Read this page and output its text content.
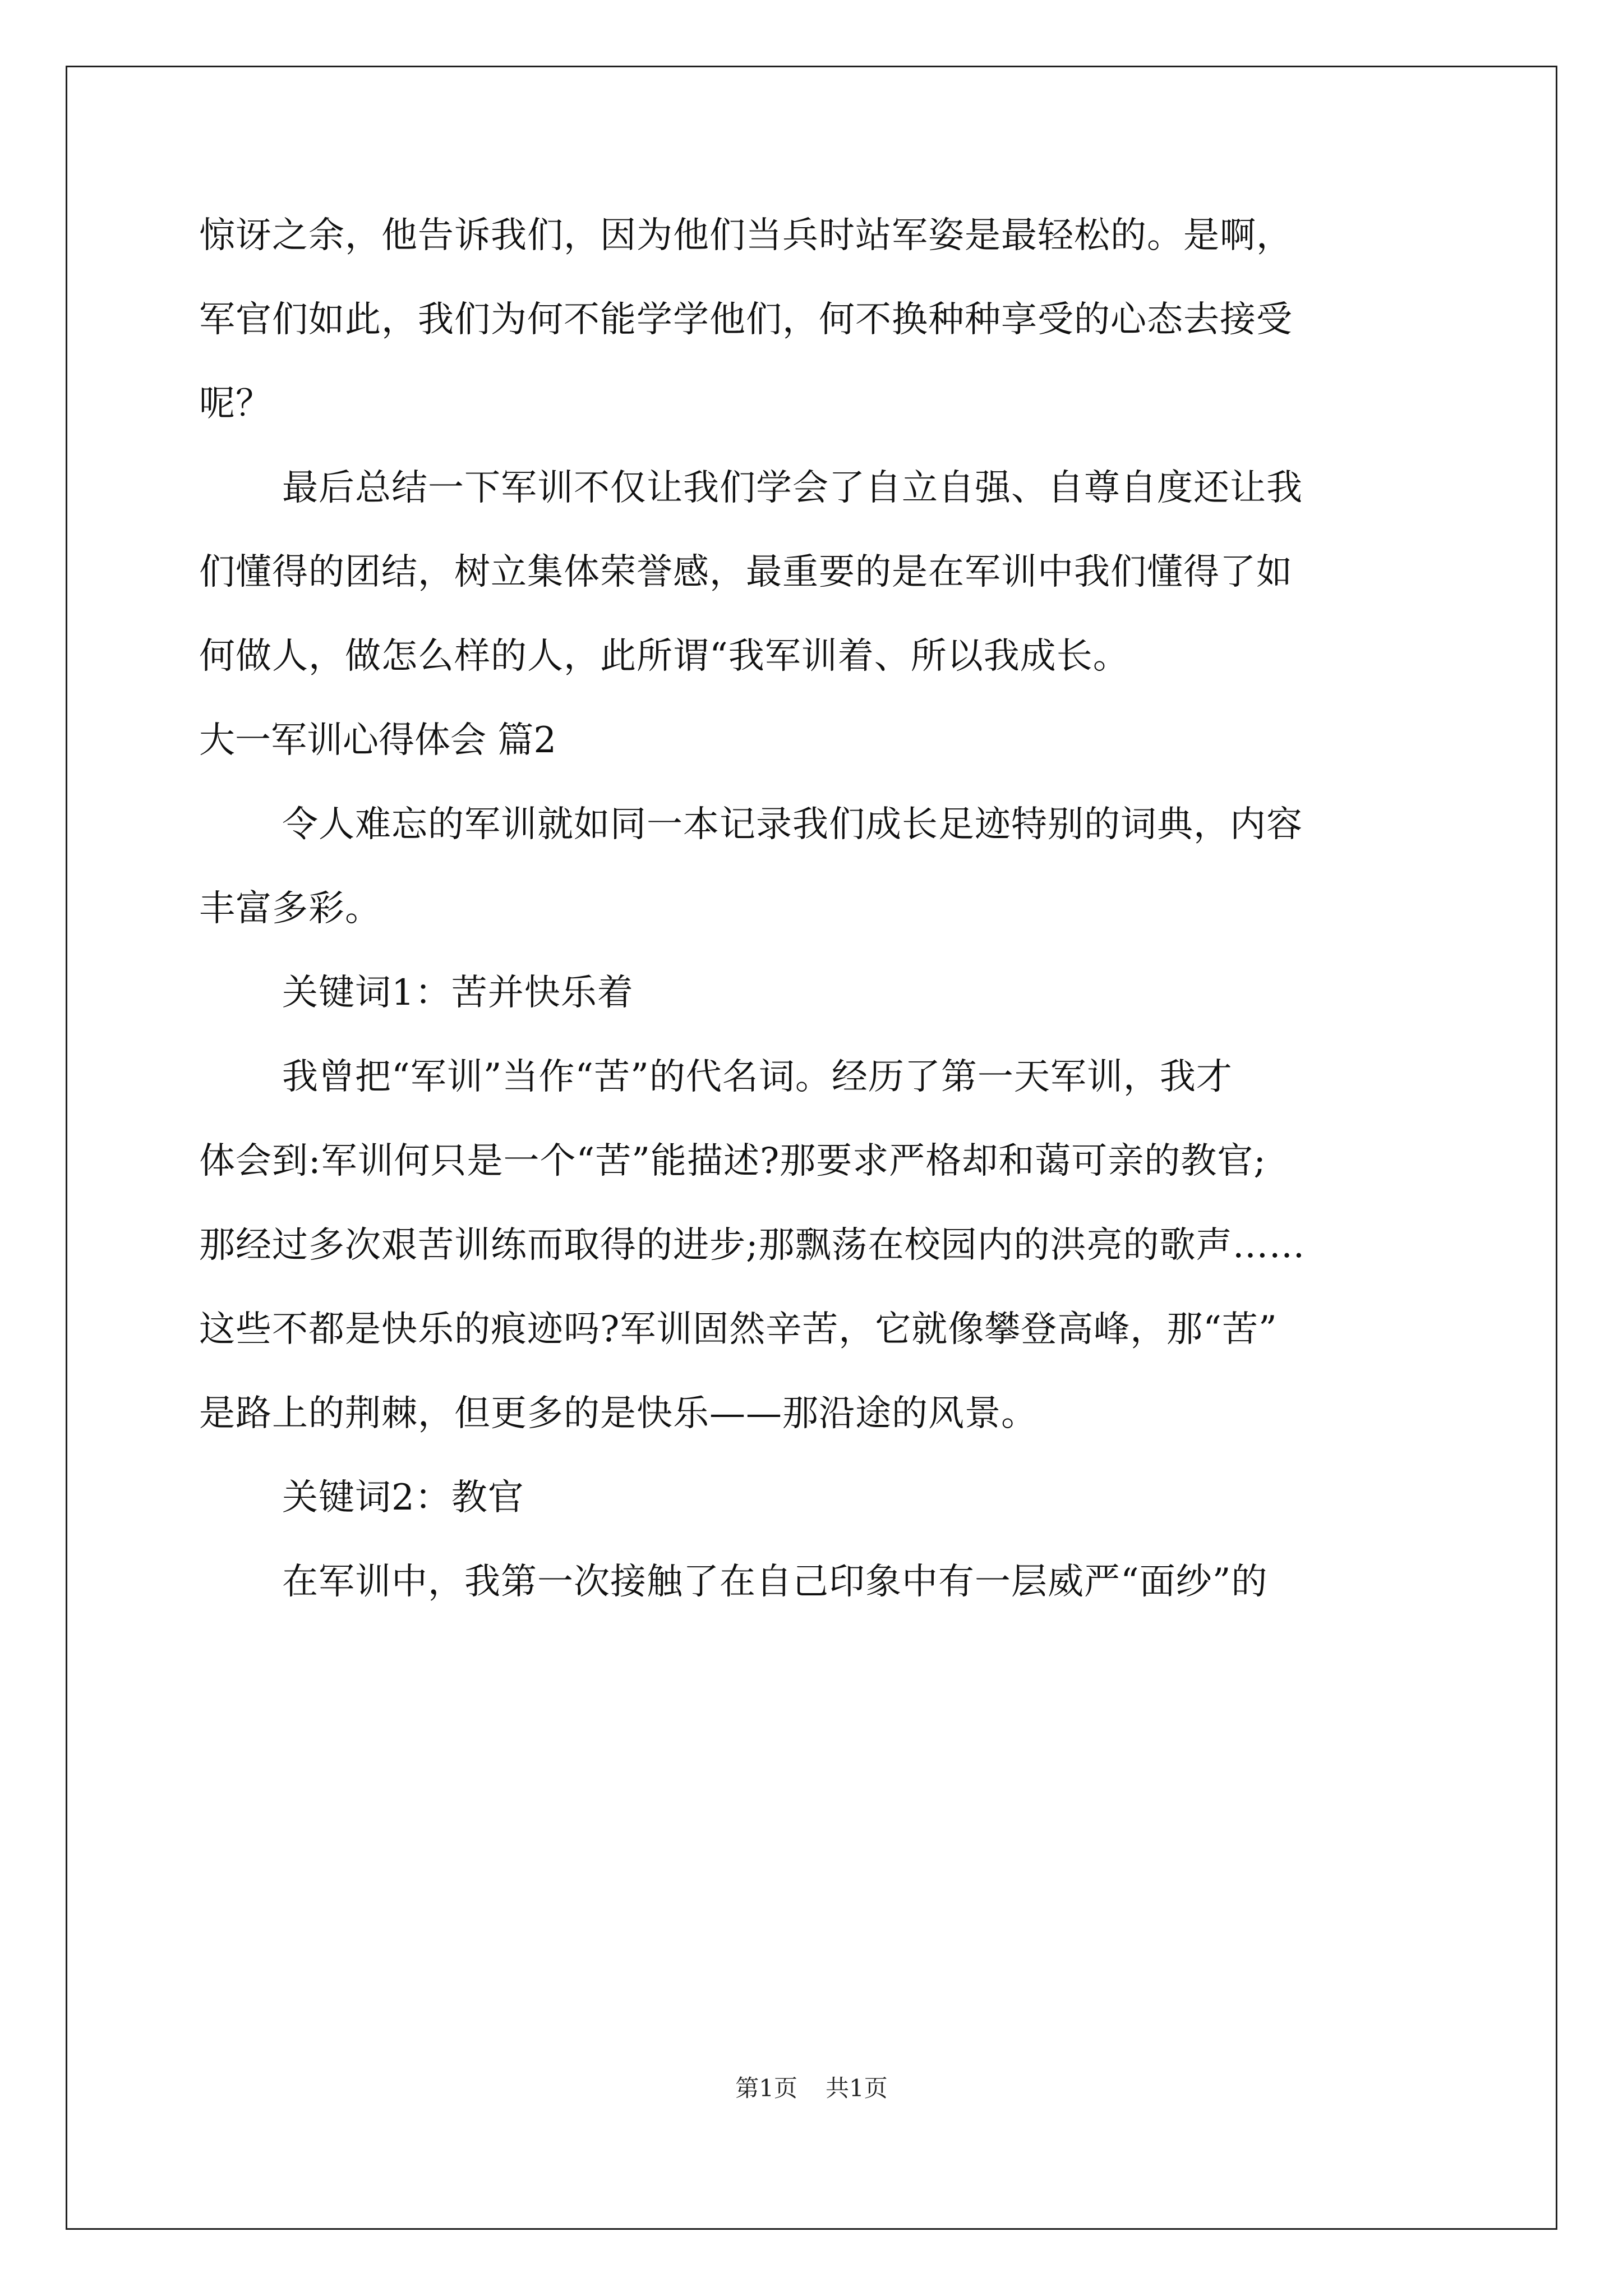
惊讶之余，他告诉我们，因为他们当兵时站军姿是最轻松的。是啊，
军官们如此，我们为何不能学学他们，何不换种种享受的心态去接受
呢？
最后总结一下军训不仅让我们学会了自立自强、自尊自度还让我
们懂得的团结，树立集体荣誉感，最重要的是在军训中我们懂得了如
何做人，做怎么样的人，此所谓“我军训着、所以我成长。
大一军训心得体会 篇2
令人难忘的军训就如同一本记录我们成长足迹特别的词典，内容
丰富多彩。
关键词1：苦并快乐着
我曾把“军训”当作“苦”的代名词。经历了第一天军训，我才
体会到:军训何只是一个“苦”能描述?那要求严格却和蔼可亲的教官;
那经过多次艰苦训练而取得的进步;那飘荡在校园内的洪亮的歌声……
这些不都是快乐的痕迹吗?军训固然辛苦，它就像攀登高峰，那“苦”
是路上的荆棘，但更多的是快乐——那沿途的风景。
关键词2：教官
在军训中，我第一次接触了在自己印象中有一层威严“面纱”的
第1页 共1页
